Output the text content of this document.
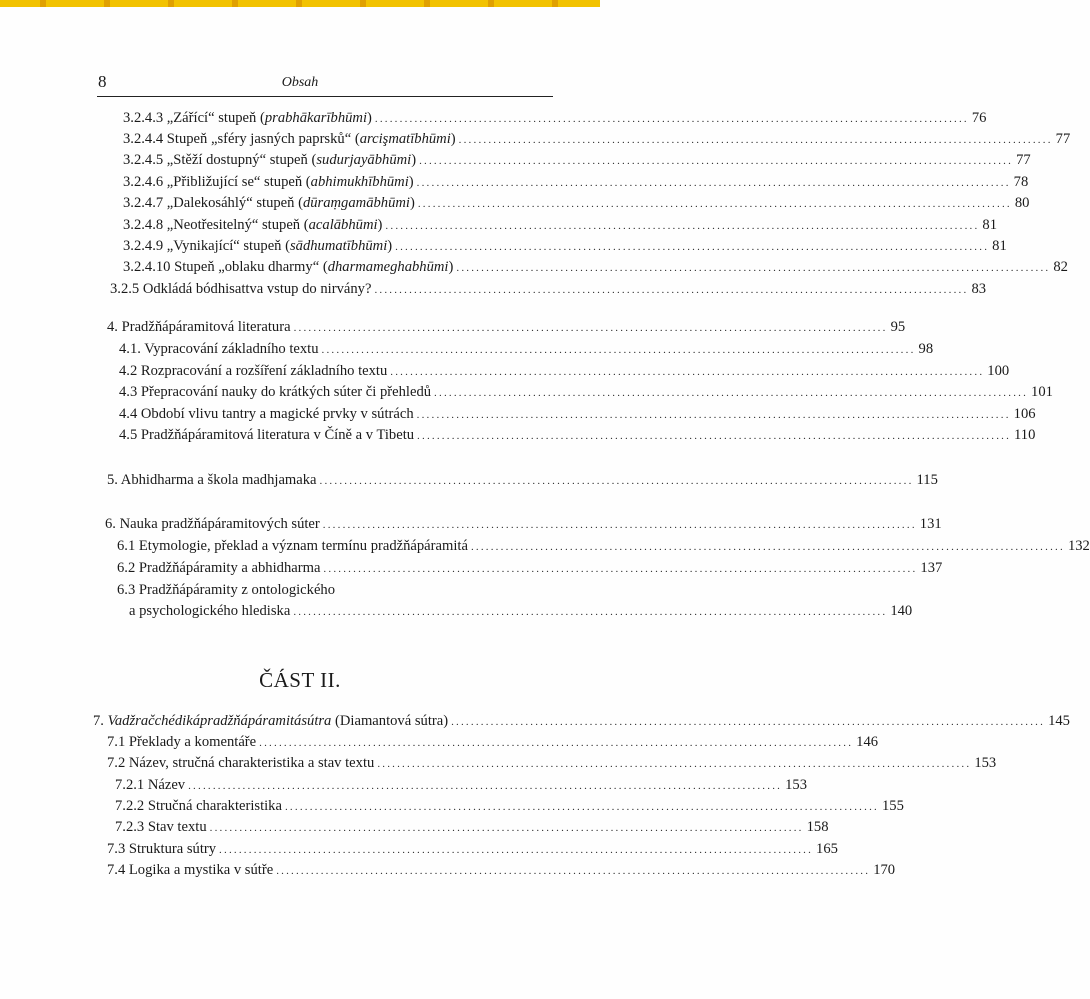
8	Obsah
ČÁST II.
3.2.4.3 „Zářící“ stupeň (prabhākarībhūmi) ........................................................................................................................ 76
3.2.4.4 Stupeň „sféry jasných paprsků“ (arcişmatībhūmi) ........................................................................................................................ 77
3.2.4.5 „Stěží dostupný“ stupeň (sudurjayābhūmi) ........................................................................................................................ 77
3.2.4.6 „Přibližující se“ stupeň (abhimukhībhūmi) ........................................................................................................................ 78
3.2.4.7 „Dalekosáhlý“ stupeň (dūraṃgamābhūmi) ........................................................................................................................ 80
3.2.4.8 „Neotřesitelný“ stupeň (acalābhūmi) ........................................................................................................................ 81
3.2.4.9 „Vynikající“ stupeň (sādhumatībhūmi) ........................................................................................................................ 81
3.2.4.10 Stupeň „oblaku dharmy“ (dharmameghabhūmi) ........................................................................................................................ 82
3.2.5 Odkládá bódhisattva vstup do nirvány? ........................................................................................................................ 83
4. Pradžňápáramitová literatura ........................................................................................................................ 95
4.1. Vypracování základního textu ........................................................................................................................ 98
4.2 Rozpracování a rozšíření základního textu ........................................................................................................................ 100
4.3 Přepracování nauky do krátkých súter či přehledů ........................................................................................................................ 101
4.4 Období vlivu tantry a magické prvky v sútrách ........................................................................................................................ 106
4.5 Pradžňápáramitová literatura v Číně a v Tibetu ........................................................................................................................ 110
5. Abhidharma a škola madhjamaka ........................................................................................................................ 115
6. Nauka pradžňápáramitových súter ........................................................................................................................ 131
6.1 Etymologie, překlad a význam termínu pradžňápáramitá ........................................................................................................................ 132
6.2 Pradžňápáramity a abhidharma ........................................................................................................................ 137
6.3 Pradžňápáramity z ontologického
a psychologického hlediska ........................................................................................................................ 140
7. Vadžračchédikápradžňápáramitásútra (Diamantová sútra) ........................................................................................................................ 145
7.1 Překlady a komentáře ........................................................................................................................ 146
7.2 Název, stručná charakteristika a stav textu ........................................................................................................................ 153
7.2.1 Název ........................................................................................................................ 153
7.2.2 Stručná charakteristika ........................................................................................................................ 155
7.2.3 Stav textu ........................................................................................................................ 158
7.3 Struktura sútry ........................................................................................................................ 165
7.4 Logika a mystika v sútře ........................................................................................................................ 170
